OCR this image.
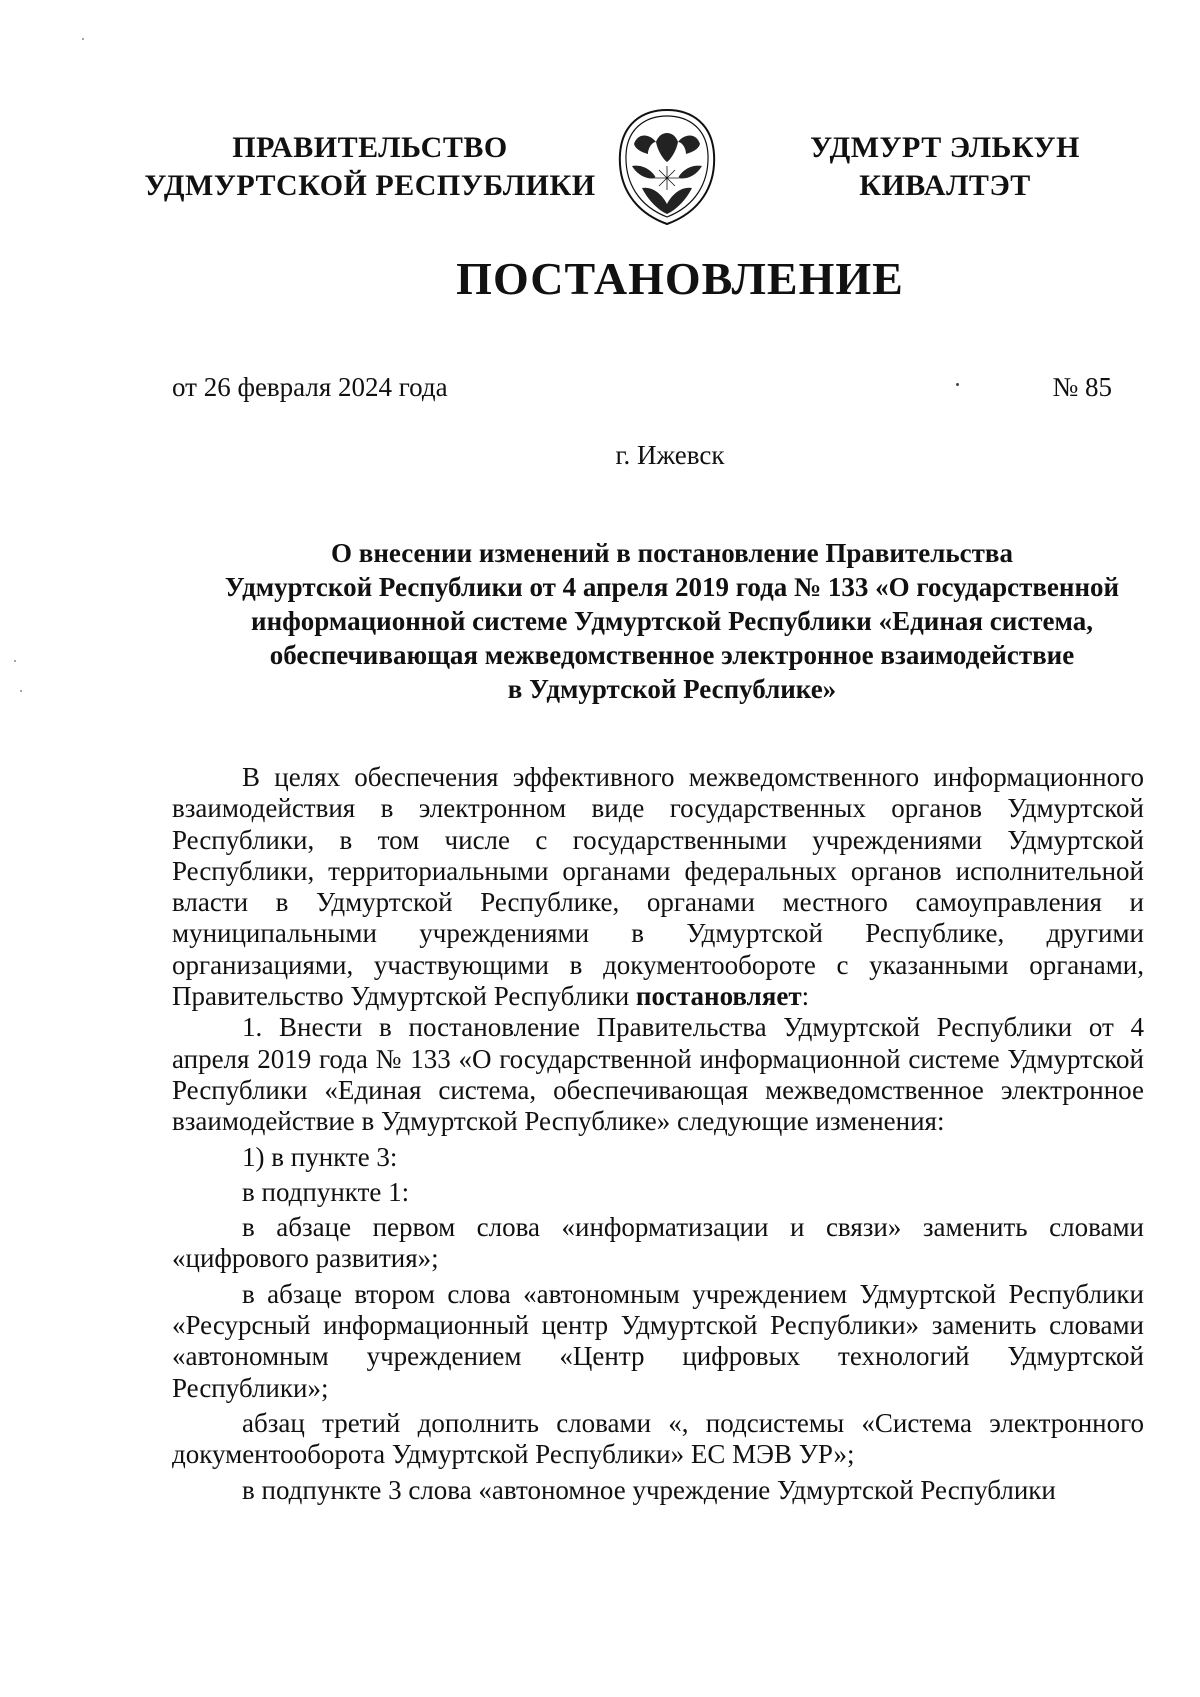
ПРАВИТЕЛЬСТВО
УДМУРТСКОЙ РЕСПУБЛИКИ
УДМУРТ ЭЛЬКУН
КИВАЛТЭТ
ПОСТАНОВЛЕНИЕ
от 26 февраля 2024 года	№ 85
г. Ижевск
О внесении изменений в постановление Правительства
Удмуртской Республики от 4 апреля 2019 года № 133 «О государственной
информационной системе Удмуртской Республики «Единая система,
обеспечивающая межведомственное электронное взаимодействие
в Удмуртской Республике»

В целях обеспечения эффективного межведомственного информационного взаимодействия в электронном виде государственных органов Удмуртской Республики, в том числе с государственными учреждениями Удмуртской Республики, территориальными органами федеральных органов исполнительной власти в Удмуртской Республике, органами местного самоуправления и муниципальными учреждениями в Удмуртской Республике, другими организациями, участвующими в документообороте с указанными органами, Правительство Удмуртской Республики постановляет:

1. Внести в постановление Правительства Удмуртской Республики от 4 апреля 2019 года № 133 «О государственной информационной системе Удмуртской Республики «Единая система, обеспечивающая межведомственное электронное взаимодействие в Удмуртской Республике» следующие изменения:

1) в пункте 3:

в подпункте 1:

в абзаце первом слова «информатизации и связи» заменить словами «цифрового развития»;

в абзаце втором слова «автономным учреждением Удмуртской Республики «Ресурсный информационный центр Удмуртской Республики» заменить словами «автономным учреждением «Центр цифровых технологий Удмуртской Республики»;

абзац третий дополнить словами «, подсистемы «Система электронного документооборота Удмуртской Республики» ЕС МЭВ УР»;

в подпункте 3 слова «автономное учреждение Удмуртской Республики
